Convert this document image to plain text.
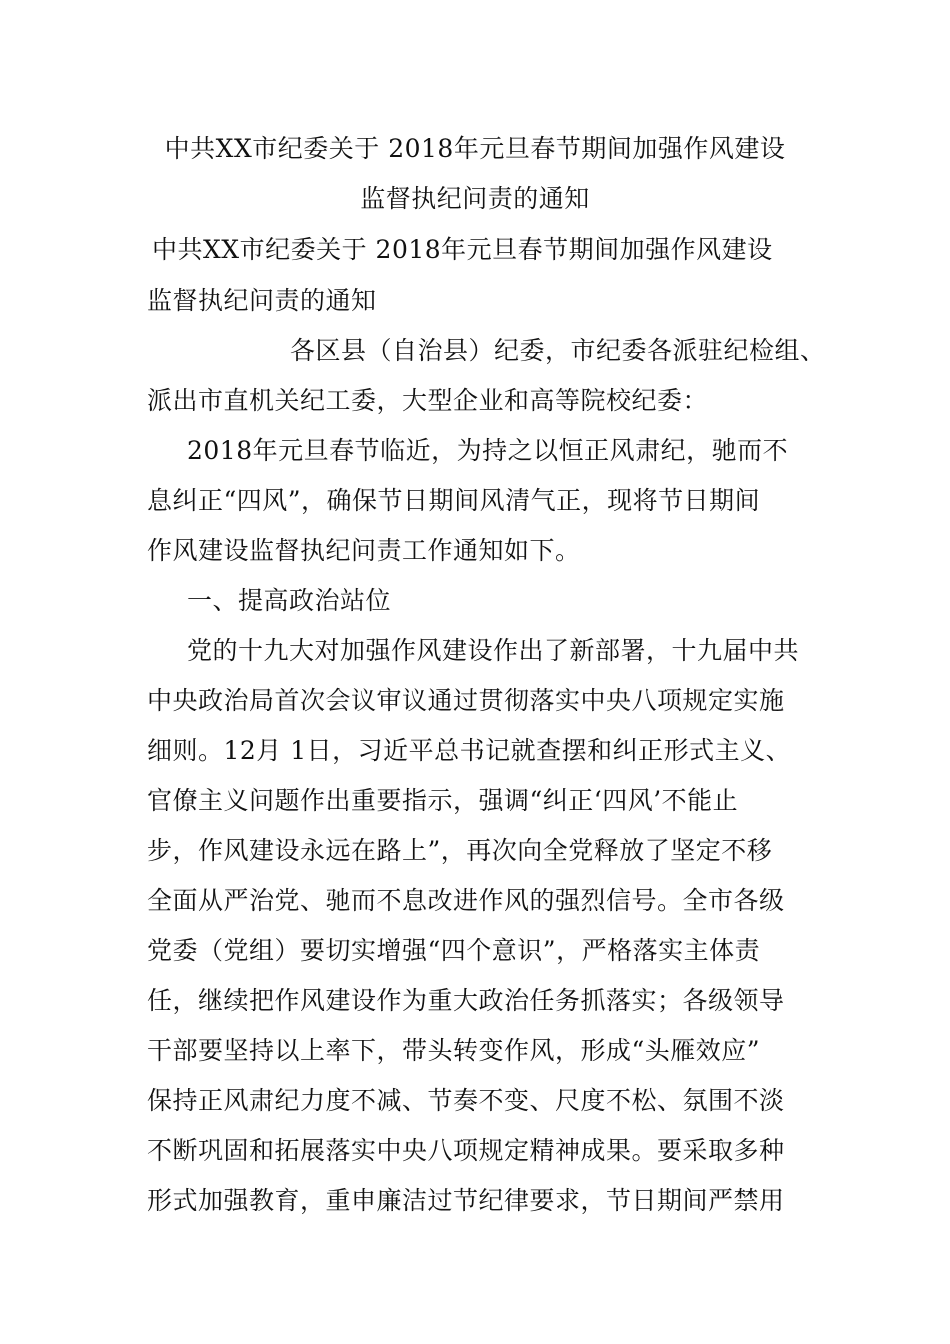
中共XX市纪委关于 2018年元旦春节期间加强作风建设
监督执纪问责的通知
中共XX市纪委关于 2018年元旦春节期间加强作风建设
监督执纪问责的通知
各区县（自治县）纪委，市纪委各派驻纪检组、
派出市直机关纪工委，大型企业和高等院校纪委：
2018年元旦春节临近，为持之以恒正风肃纪，驰而不
息纠正“四风”，确保节日期间风清气正，现将节日期间
作风建设监督执纪问责工作通知如下。
一、提高政治站位
党的十九大对加强作风建设作出了新部署，十九届中共
中央政治局首次会议审议通过贯彻落实中央八项规定实施
细则。12月 1日，习近平总书记就查摆和纠正形式主义、
官僚主义问题作出重要指示，强调“纠正‘四风’不能止
步，作风建设永远在路上”，再次向全党释放了坚定不移
全面从严治党、驰而不息改进作风的强烈信号。全市各级
党委（党组）要切实增强“四个意识”，严格落实主体责
任，继续把作风建设作为重大政治任务抓落实；各级领导
干部要坚持以上率下，带头转变作风，形成“头雁效应”
保持正风肃纪力度不减、节奏不变、尺度不松、氛围不淡
不断巩固和拓展落实中央八项规定精神成果。要采取多种
形式加强教育，重申廉洁过节纪律要求，节日期间严禁用
